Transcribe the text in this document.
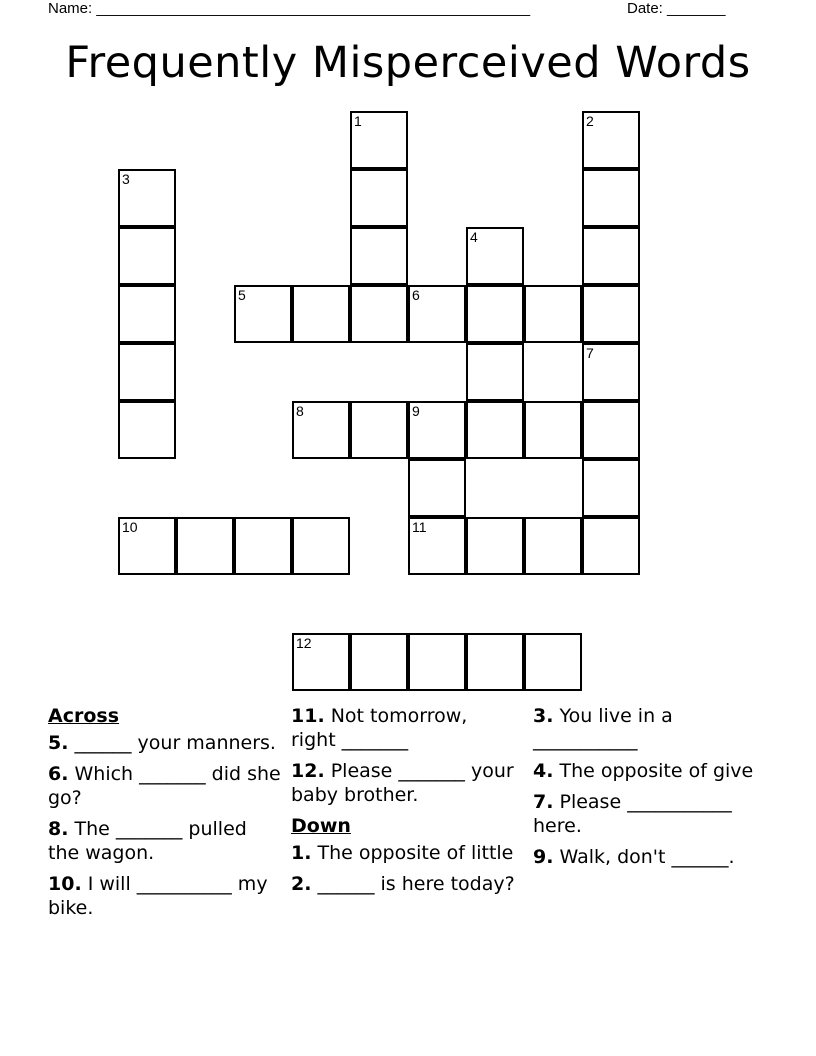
Name: ____________________________________________________	Date: _______
Frequently Misperceived Words
1	2
3
4
5	6
7
8	9
10	11
12
Across
5. ______ your manners.
6. Which _______ did she go?
8. The _______ pulled the wagon.
10. I will __________ my bike.
11. Not tomorrow, right _______
12. Please _______ your baby brother.
Down
1. The opposite of little
2. ______ is here today?
3. You live in a ___________
4. The opposite of give
7. Please ___________ here.
9. Walk, don't ______.
